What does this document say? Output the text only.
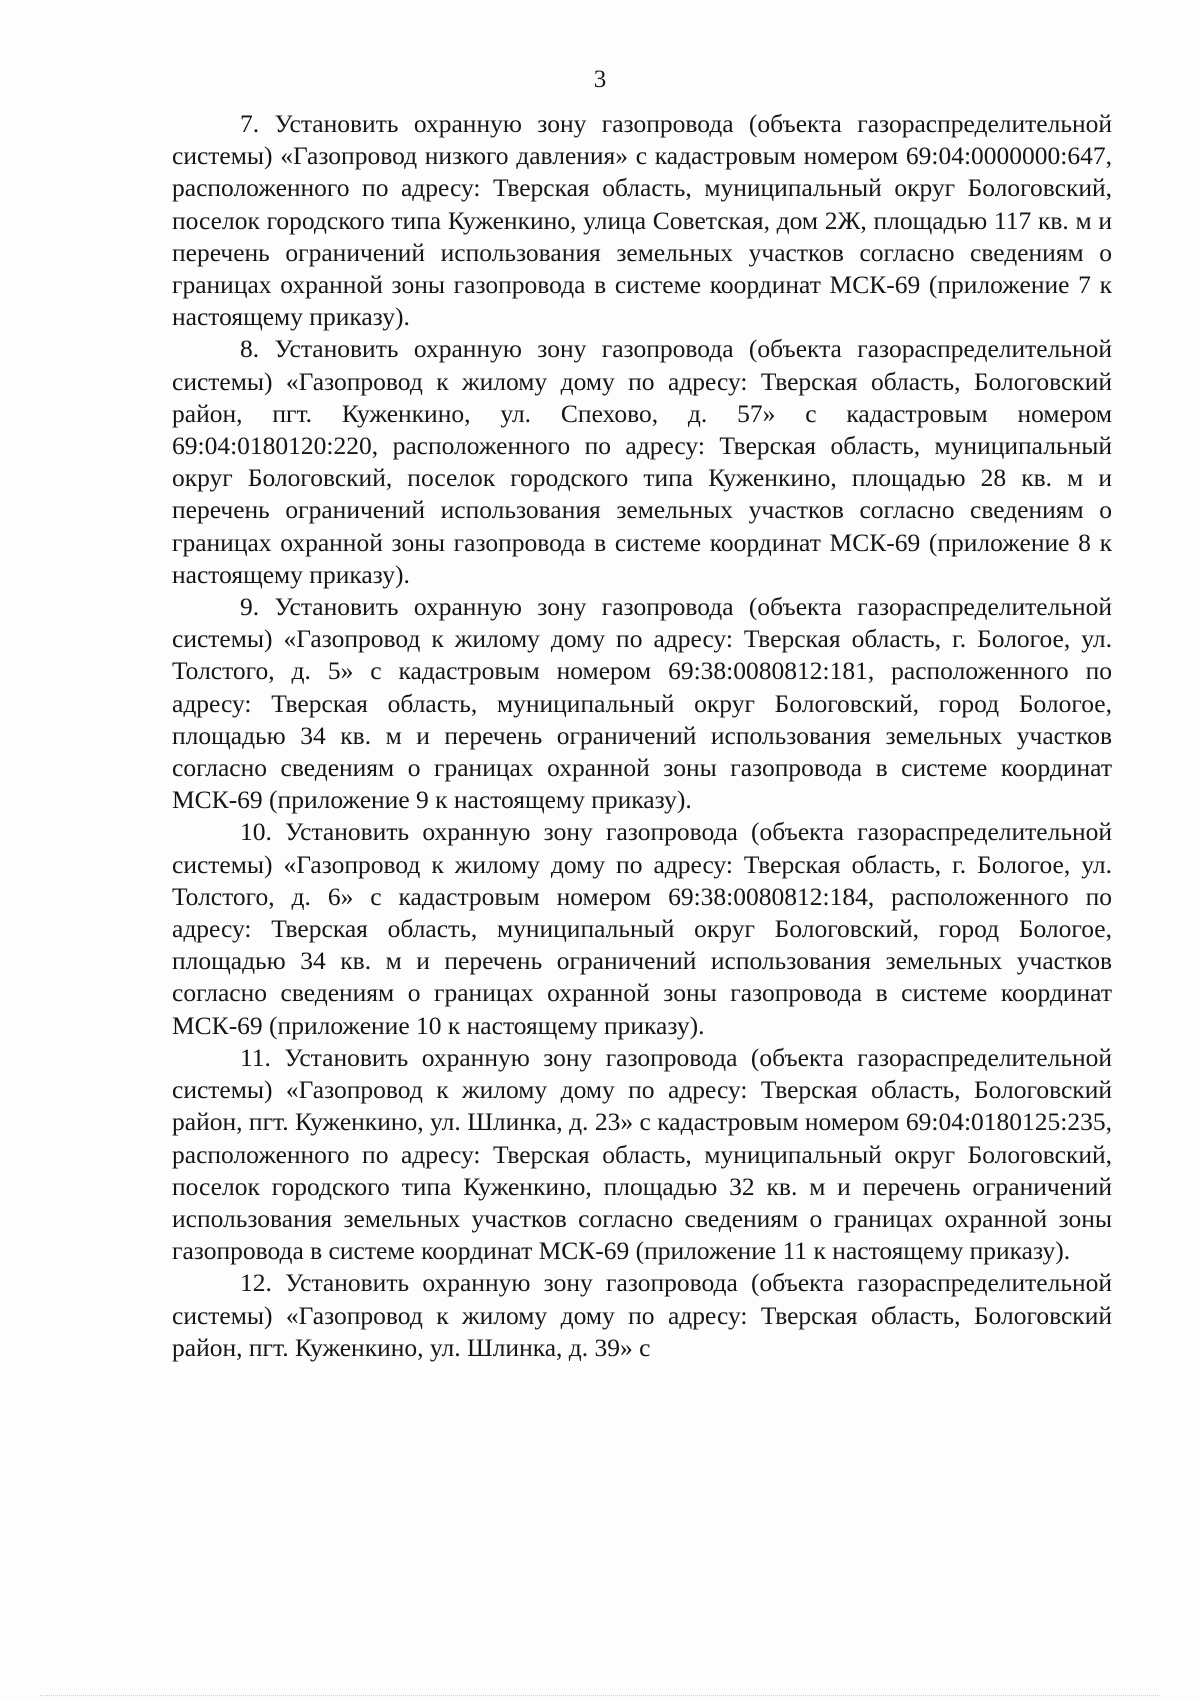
3

7. Установить охранную зону газопровода (объекта газораспределительной системы) «Газопровод низкого давления» с кадастровым номером 69:04:0000000:647, расположенного по адресу: Тверская область, муниципальный округ Бологовский, поселок городского типа Куженкино, улица Советская, дом 2Ж, площадью 117 кв. м и перечень ограничений использования земельных участков согласно сведениям о границах охранной зоны газопровода в системе координат МСК-69 (приложение 7 к настоящему приказу).

8. Установить охранную зону газопровода (объекта газораспределительной системы) «Газопровод к жилому дому по адресу: Тверская область, Бологовский район, пгт. Куженкино, ул. Спехово, д. 57» с кадастровым номером 69:04:0180120:220, расположенного по адресу: Тверская область, муниципальный округ Бологовский, поселок городского типа Куженкино, площадью 28 кв. м и перечень ограничений использования земельных участков согласно сведениям о границах охранной зоны газопровода в системе координат МСК-69 (приложение 8 к настоящему приказу).

9. Установить охранную зону газопровода (объекта газораспределительной системы) «Газопровод к жилому дому по адресу: Тверская область, г. Бологое, ул. Толстого, д. 5» с кадастровым номером 69:38:0080812:181, расположенного по адресу: Тверская область, муниципальный округ Бологовский, город Бологое, площадью 34 кв. м и перечень ограничений использования земельных участков согласно сведениям о границах охранной зоны газопровода в системе координат МСК-69 (приложение 9 к настоящему приказу).

10. Установить охранную зону газопровода (объекта газораспределительной системы) «Газопровод к жилому дому по адресу: Тверская область, г. Бологое, ул. Толстого, д. 6» с кадастровым номером 69:38:0080812:184, расположенного по адресу: Тверская область, муниципальный округ Бологовский, город Бологое, площадью 34 кв. м и перечень ограничений использования земельных участков согласно сведениям о границах охранной зоны газопровода в системе координат МСК-69 (приложение 10 к настоящему приказу).

11. Установить охранную зону газопровода (объекта газораспределительной системы) «Газопровод к жилому дому по адресу: Тверская область, Бологовский район, пгт. Куженкино, ул. Шлинка, д. 23» с кадастровым номером 69:04:0180125:235, расположенного по адресу: Тверская область, муниципальный округ Бологовский, поселок городского типа Куженкино, площадью 32 кв. м и перечень ограничений использования земельных участков согласно сведениям о границах охранной зоны газопровода в системе координат МСК-69 (приложение 11 к настоящему приказу).

12. Установить охранную зону газопровода (объекта газораспределительной системы) «Газопровод к жилому дому по адресу: Тверская область, Бологовский район, пгт. Куженкино, ул. Шлинка, д. 39» с
